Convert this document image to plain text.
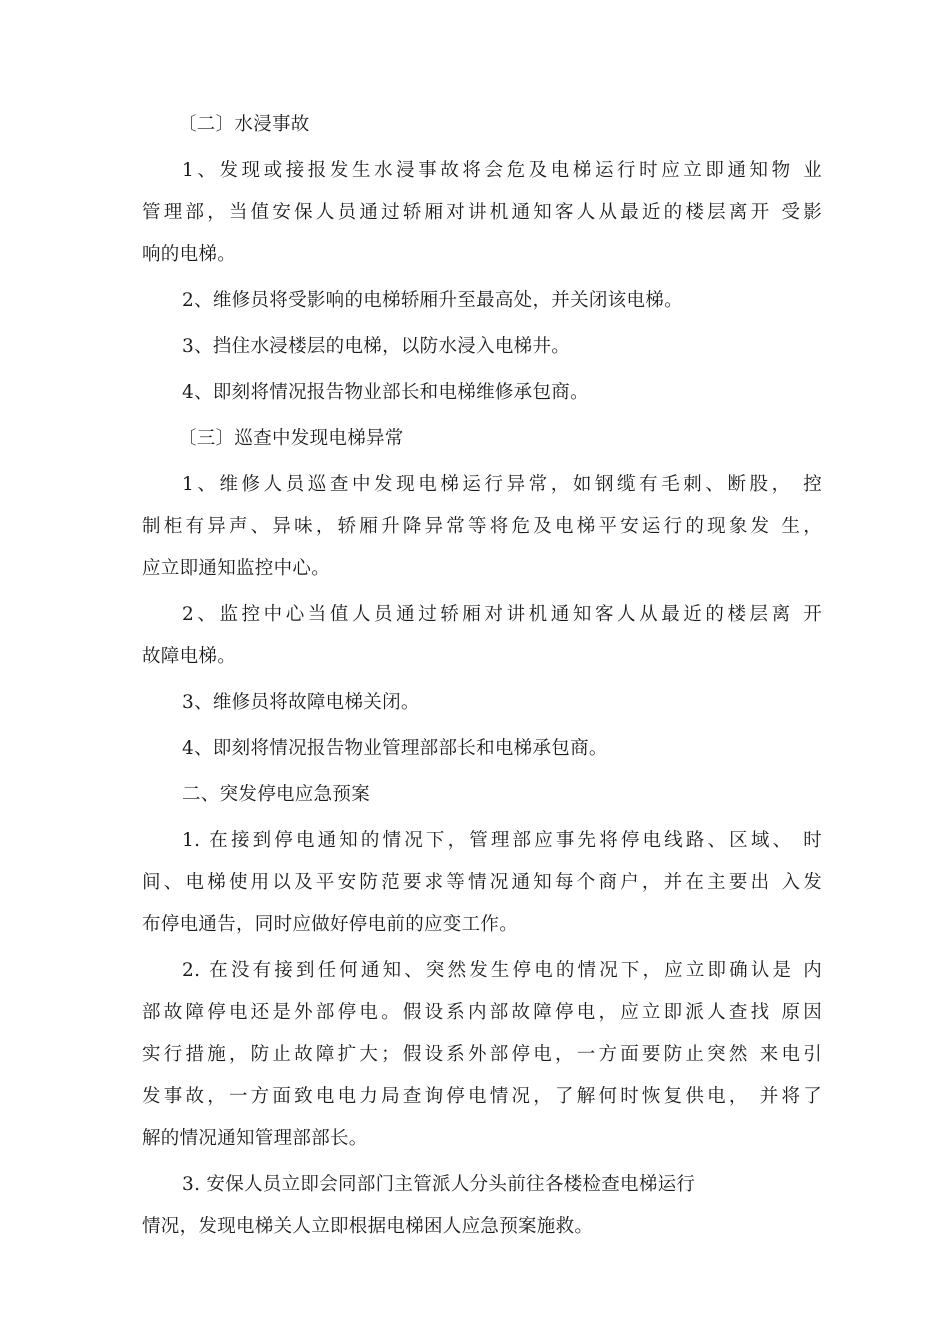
〔二〕水浸事故
1、发现或接报发生水浸事故将会危及电梯运行时应立即通知物 业
管理部，当值安保人员通过轿厢对讲机通知客人从最近的楼层离开 受影
响的电梯。
2、维修员将受影响的电梯轿厢升至最高处，并关闭该电梯。
3、挡住水浸楼层的电梯，以防水浸入电梯井。
4、即刻将情况报告物业部长和电梯维修承包商。
〔三〕巡查中发现电梯异常
1、维修人员巡查中发现电梯运行异常，如钢缆有毛刺、断股， 控
制柜有异声、异味，轿厢升降异常等将危及电梯平安运行的现象发 生，
应立即通知监控中心。
2、监控中心当值人员通过轿厢对讲机通知客人从最近的楼层离 开
故障电梯。
3、维修员将故障电梯关闭。
4、即刻将情况报告物业管理部部长和电梯承包商。
二、突发停电应急预案
1. 在接到停电通知的情况下，管理部应事先将停电线路、区域、 时
间、电梯使用以及平安防范要求等情况通知每个商户，并在主要出 入发
布停电通告，同时应做好停电前的应变工作。
2. 在没有接到任何通知、突然发生停电的情况下，应立即确认是 内
部故障停电还是外部停电。假设系内部故障停电，应立即派人查找 原因
实行措施，防止故障扩大；假设系外部停电，一方面要防止突然 来电引
发事故，一方面致电电力局查询停电情况，了解何时恢复供电， 并将了
解的情况通知管理部部长。
3. 安保人员立即会同部门主管派人分头前往各楼检查电梯运行
情况，发现电梯关人立即根据电梯困人应急预案施救。
